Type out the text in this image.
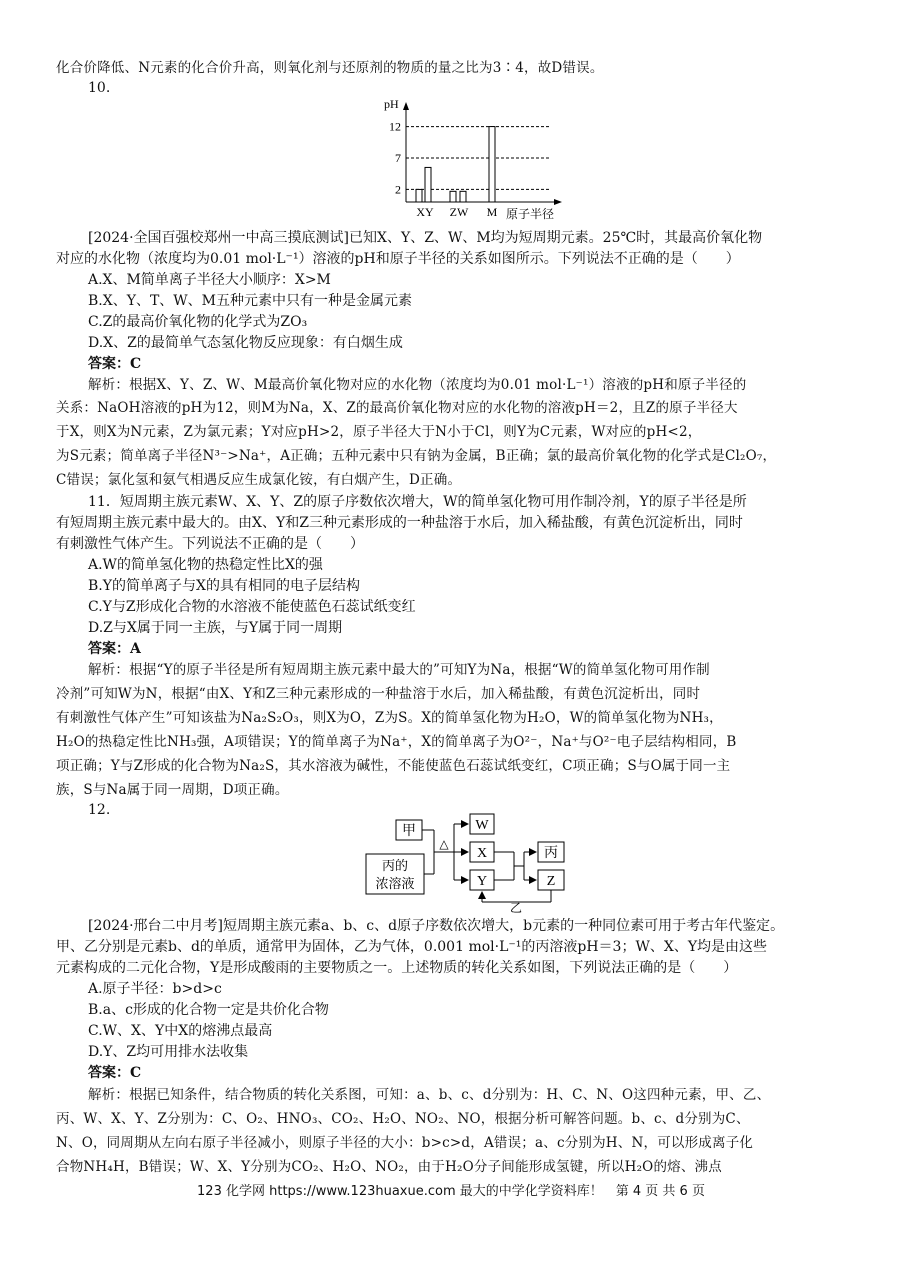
化合价降低、N元素的化合价升高，则氧化剂与还原剂的物质的量之比为3∶4，故D错误。
10.
pH
2
7
12
XY ZW M 原子半径
[2024·全国百强校郑州一中高三摸底测试]已知X、Y、Z、W、M均为短周期元素。25℃时，其最高价氧化物
对应的水化物（浓度均为0.01 mol·L⁻¹）溶液的pH和原子半径的关系如图所示。下列说法不正确的是（　　）
A.X、M简单离子半径大小顺序：X>M
B.X、Y、T、W、M五种元素中只有一种是金属元素
C.Z的最高价氧化物的化学式为ZO₃
D.X、Z的最简单气态氢化物反应现象：有白烟生成
答案：C
解析：根据X、Y、Z、W、M最高价氧化物对应的水化物（浓度均为0.01 mol·L⁻¹）溶液的pH和原子半径的
关系：NaOH溶液的pH为12，则M为Na，X、Z的最高价氧化物对应的水化物的溶液pH＝2，且Z的原子半径大
于X，则X为N元素，Z为氯元素；Y对应pH>2，原子半径大于N小于Cl，则Y为C元素，W对应的pH<2，
为S元素；简单离子半径N³⁻>Na⁺，A正确；五种元素中只有钠为金属，B正确；氯的最高价氧化物的化学式是Cl₂O₇，
C错误；氯化氢和氨气相遇反应生成氯化铵，有白烟产生，D正确。
11．短周期主族元素W、X、Y、Z的原子序数依次增大，W的简单氢化物可用作制冷剂，Y的原子半径是所
有短周期主族元素中最大的。由X、Y和Z三种元素形成的一种盐溶于水后，加入稀盐酸，有黄色沉淀析出，同时
有刺激性气体产生。下列说法不正确的是（　　）
A.W的简单氢化物的热稳定性比X的强
B.Y的简单离子与X的具有相同的电子层结构
C.Y与Z形成化合物的水溶液不能使蓝色石蕊试纸变红
D.Z与X属于同一主族，与Y属于同一周期
答案：A
解析：根据“Y的原子半径是所有短周期主族元素中最大的”可知Y为Na，根据“W的简单氢化物可用作制
冷剂”可知W为N，根据“由X、Y和Z三种元素形成的一种盐溶于水后，加入稀盐酸，有黄色沉淀析出，同时
有刺激性气体产生”可知该盐为Na₂S₂O₃，则X为O，Z为S。X的简单氢化物为H₂O，W的简单氢化物为NH₃，
H₂O的热稳定性比NH₃强，A项错误；Y的简单离子为Na⁺，X的简单离子为O²⁻，Na⁺与O²⁻电子层结构相同，B
项正确；Y与Z形成的化合物为Na₂S，其水溶液为碱性，不能使蓝色石蕊试纸变红，C项正确；S与O属于同一主
族，S与Na属于同一周期，D项正确。
12.
甲
丙的
浓溶液
△
W
X
Y
丙
Z
乙
[2024·邢台二中月考]短周期主族元素a、b、c、d原子序数依次增大，b元素的一种同位素可用于考古年代鉴定。
甲、乙分别是元素b、d的单质，通常甲为固体，乙为气体，0.001 mol·L⁻¹的丙溶液pH＝3；W、X、Y均是由这些
元素构成的二元化合物，Y是形成酸雨的主要物质之一。上述物质的转化关系如图，下列说法正确的是（　　）
A.原子半径：b>d>c
B.a、c形成的化合物一定是共价化合物
C.W、X、Y中X的熔沸点最高
D.Y、Z均可用排水法收集
答案：C
解析：根据已知条件，结合物质的转化关系图，可知：a、b、c、d分别为：H、C、N、O这四种元素，甲、乙、
丙、W、X、Y、Z分别为：C、O₂、HNO₃、CO₂、H₂O、NO₂、NO，根据分析可解答问题。b、c、d分别为C、
N、O，同周期从左向右原子半径减小，则原子半径的大小：b>c>d，A错误；a、c分别为H、N，可以形成离子化
合物NH₄H，B错误；W、X、Y分别为CO₂、H₂O、NO₂，由于H₂O分子间能形成氢键，所以H₂O的熔、沸点
123 化学网 https://www.123huaxue.com 最大的中学化学资料库！　第 4 页 共 6 页
